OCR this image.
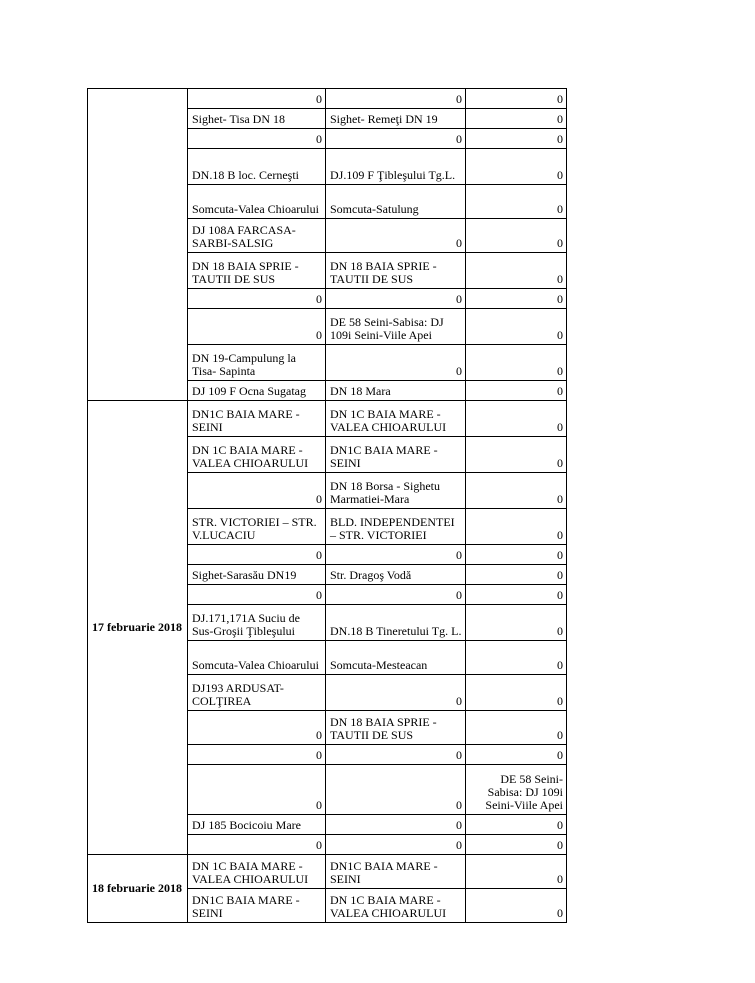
	0	0	0
	Sighet- Tisa DN 18	Sighet- Remeţi DN 19	0
	0	0	0
	DN.18 B loc. Cerneşti	DJ.109 F Ţibleşului Tg.L.	0
	Somcuta-Valea Chioarului	Somcuta-Satulung	0
	DJ 108A FARCASA-SARBI-SALSIG	0	0
	DN 18 BAIA SPRIE - TAUTII DE SUS	DN 18 BAIA SPRIE - TAUTII DE SUS	0
	0	0	0
	0	DE 58 Seini-Sabisa: DJ 109i Seini-Viile Apei	0
	DN 19-Campulung la Tisa- Sapinta	0	0
	DJ 109 F Ocna Sugatag	DN 18 Mara	0
17 februarie 2018	DN1C BAIA MARE - SEINI	DN 1C BAIA MARE - VALEA CHIOARULUI	0
	DN 1C BAIA MARE - VALEA CHIOARULUI	DN1C BAIA MARE - SEINI	0
	0	DN 18 Borsa - Sighetu Marmatiei-Mara	0
	STR. VICTORIEI – STR. V.LUCACIU	BLD. INDEPENDENTEI – STR. VICTORIEI	0
	0	0	0
	Sighet-Sarasău DN19	Str. Dragoş Vodă	0
	0	0	0
	DJ.171,171A Suciu de Sus-Groşii Ţibleşului	DN.18 B Tineretului Tg. L.	0
	Somcuta-Valea Chioarului	Somcuta-Mesteacan	0
	DJ193 ARDUSAT-COLŢIREA	0	0
	0	DN 18 BAIA SPRIE - TAUTII DE SUS	0
	0	0	0
	0	0	DE 58 Seini-Sabisa: DJ 109i Seini-Viile Apei
	DJ 185 Bocicoiu Mare	0	0
	0	0	0
18 februarie 2018	DN 1C BAIA MARE - VALEA CHIOARULUI	DN1C BAIA MARE - SEINI	0
	DN1C BAIA MARE - SEINI	DN 1C BAIA MARE - VALEA CHIOARULUI	0
